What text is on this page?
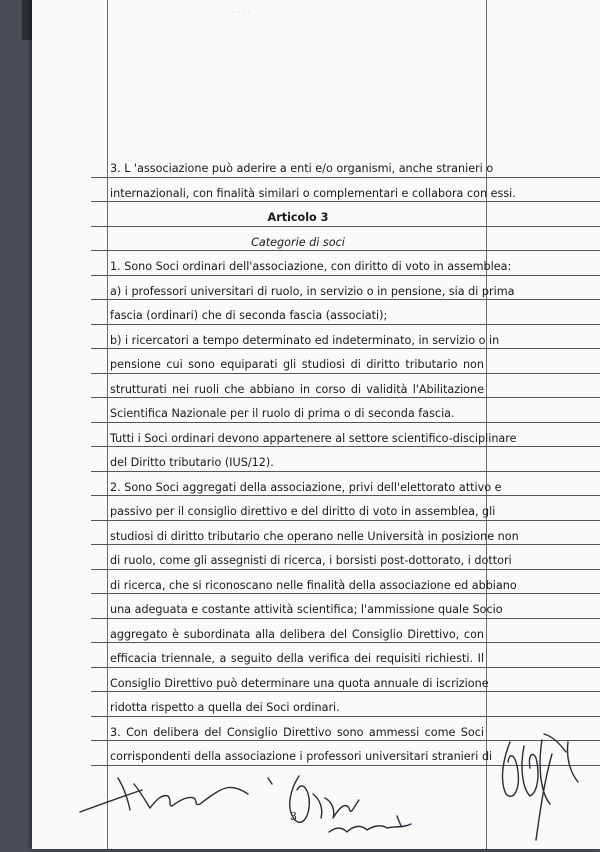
· · · ·
3. L 'associazione può aderire a enti e/o organismi, anche stranieri o
internazionali, con finalità similari o complementari e collabora con essi.
Articolo 3
Categorie di soci
1. Sono Soci ordinari dell'associazione, con diritto di voto in assemblea:
a) i professori universitari di ruolo, in servizio o in pensione, sia di prima
fascia (ordinari) che di seconda fascia (associati);
b) i ricercatori a tempo determinato ed indeterminato, in servizio o in
pensione cui sono equiparati gli studiosi di diritto tributario non
strutturati nei ruoli che abbiano in corso di validità l'Abilitazione
Scientifica Nazionale per il ruolo di prima o di seconda fascia.
Tutti i Soci ordinari devono appartenere al settore scientifico-disciplinare
del Diritto tributario (IUS/12).
2. Sono Soci aggregati della associazione, privi dell'elettorato attivo e
passivo per il consiglio direttivo e del diritto di voto in assemblea, gli
studiosi di diritto tributario che operano nelle Università in posizione non
di ruolo, come gli assegnisti di ricerca, i borsisti post-dottorato, i dottori
di ricerca, che si riconoscano nelle finalità della associazione ed abbiano
una adeguata e costante attività scientifica; l'ammissione quale Socio
aggregato è subordinata alla delibera del Consiglio Direttivo, con
efficacia triennale, a seguito della verifica dei requisiti richiesti. Il
Consiglio Direttivo può determinare una quota annuale di iscrizione
ridotta rispetto a quella dei Soci ordinari.
3. Con delibera del Consiglio Direttivo sono ammessi come Soci
corrispondenti della associazione i professori universitari stranieri di
3
